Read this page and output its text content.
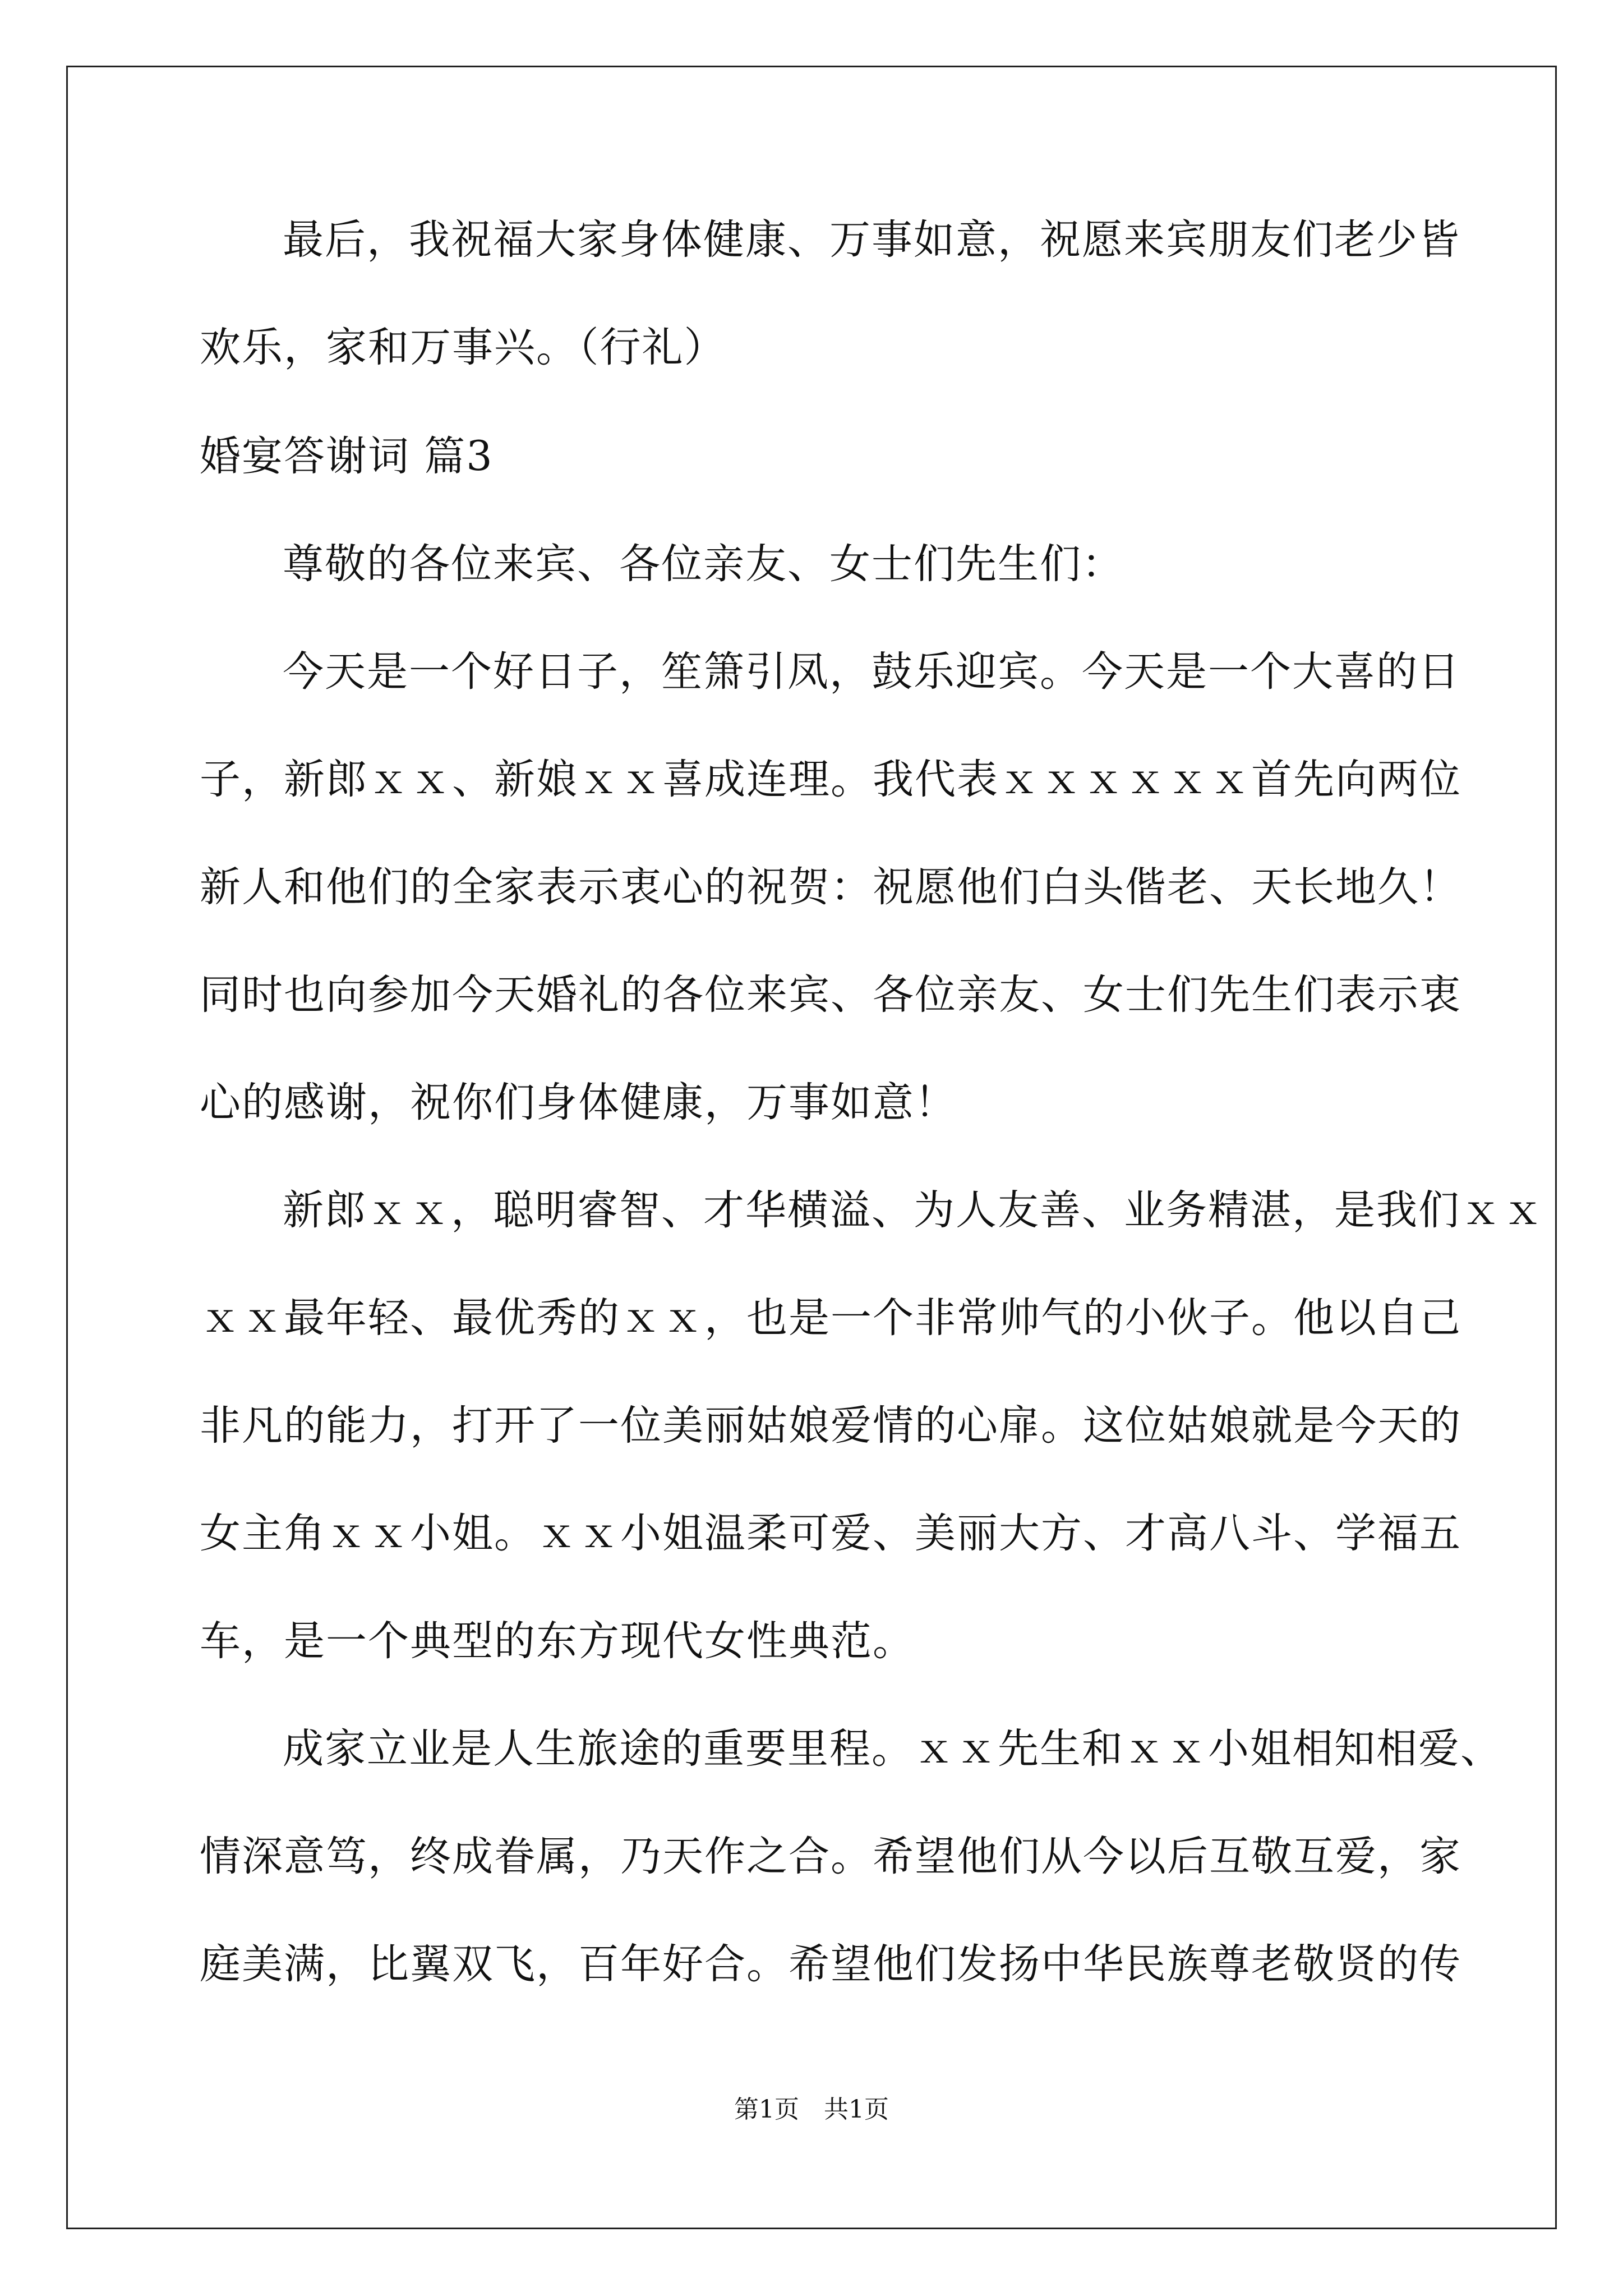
最后，我祝福大家身体健康、万事如意，祝愿来宾朋友们老少皆
欢乐，家和万事兴。（行礼）
婚宴答谢词 篇3
尊敬的各位来宾、各位亲友、女士们先生们：
今天是一个好日子，笙箫引凤，鼓乐迎宾。今天是一个大喜的日
子，新郎ｘｘ、新娘ｘｘ喜成连理。我代表ｘｘｘｘｘｘ首先向两位
新人和他们的全家表示衷心的祝贺：祝愿他们白头偕老、天长地久！
同时也向参加今天婚礼的各位来宾、各位亲友、女士们先生们表示衷
心的感谢，祝你们身体健康，万事如意！
新郎ｘｘ，聪明睿智、才华横溢、为人友善、业务精湛，是我们ｘｘ
ｘｘ最年轻、最优秀的ｘｘ，也是一个非常帅气的小伙子。他以自己
非凡的能力，打开了一位美丽姑娘爱情的心扉。这位姑娘就是今天的
女主角ｘｘ小姐。ｘｘ小姐温柔可爱、美丽大方、才高八斗、学福五
车，是一个典型的东方现代女性典范。
成家立业是人生旅途的重要里程。ｘｘ先生和ｘｘ小姐相知相爱、
情深意笃，终成眷属，乃天作之合。希望他们从今以后互敬互爱，家
庭美满，比翼双飞，百年好合。希望他们发扬中华民族尊老敬贤的传
第1页　共1页
